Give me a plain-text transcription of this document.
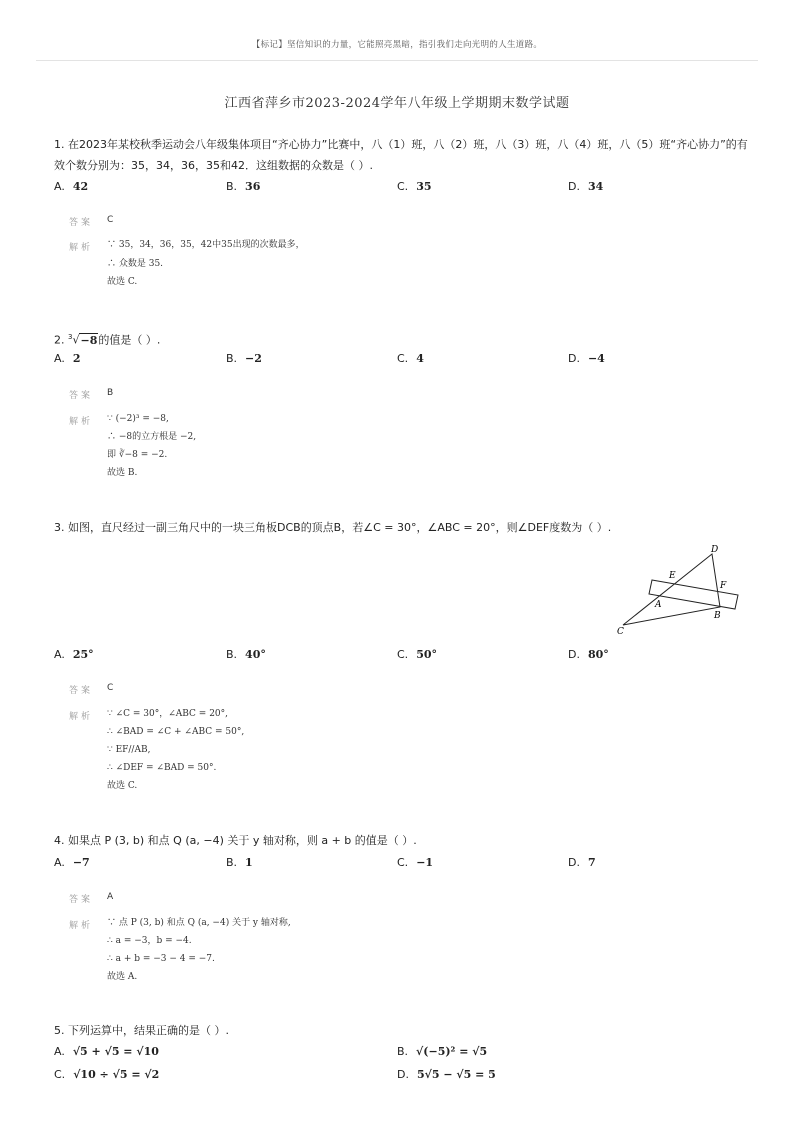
【标记】坚信知识的力量，它能照亮黑暗，指引我们走向光明的人生道路。
江西省萍乡市2023-2024学年八年级上学期期末数学试题
1. 在2023年某校秋季运动会八年级集体项目“齐心协力”比赛中，八（1）班，八（2）班，八（3）班，八（4）班，八（5）班“齐心协力”的有
效个数分别为：35，34，36，35和42．这组数据的众数是（ ）.
A. 42	B. 36	C. 35	D. 34
答案 C
解析 ∵ 35，34，36，35，42中35出现的次数最多，
∴ 众数是 35.
故选 C.
2. $^3$√−8的值是（ ）.
A. 2	B. −2	C. 4	D. −4
答案 B
解析 ∵ (−2)³ = −8,
∴ −8的立方根是 −2,
即 ∛−8 = −2.
故选 B.
3. 如图，直尺经过一副三角尺中的一块三角板DCB的顶点B，若∠C = 30°，∠ABC = 20°，则∠DEF度数为（ ）.
D
E
F
A
B
C
A. 25°	B. 40°	C. 50°	D. 80°
答案 C
解析 ∵ ∠C = 30°，∠ABC = 20°,
∴ ∠BAD = ∠C + ∠ABC = 50°,
∵ EF//AB,
∴ ∠DEF = ∠BAD = 50°.
故选 C.
4. 如果点 P (3, b) 和点 Q (a, −4) 关于 y 轴对称，则 a + b 的值是（ ）.
A. −7	B. 1	C. −1	D. 7
答案 A
解析 ∵ 点 P (3, b) 和点 Q (a, −4) 关于 y 轴对称,
∴ a = −3，b = −4.
∴ a + b = −3 − 4 = −7.
故选 A.
5. 下列运算中，结果正确的是（ ）.
A. √5 + √5 = √10	B. √(−5)² = √5
C. √10 ÷ √5 = √2	D. 5√5 − √5 = 5
